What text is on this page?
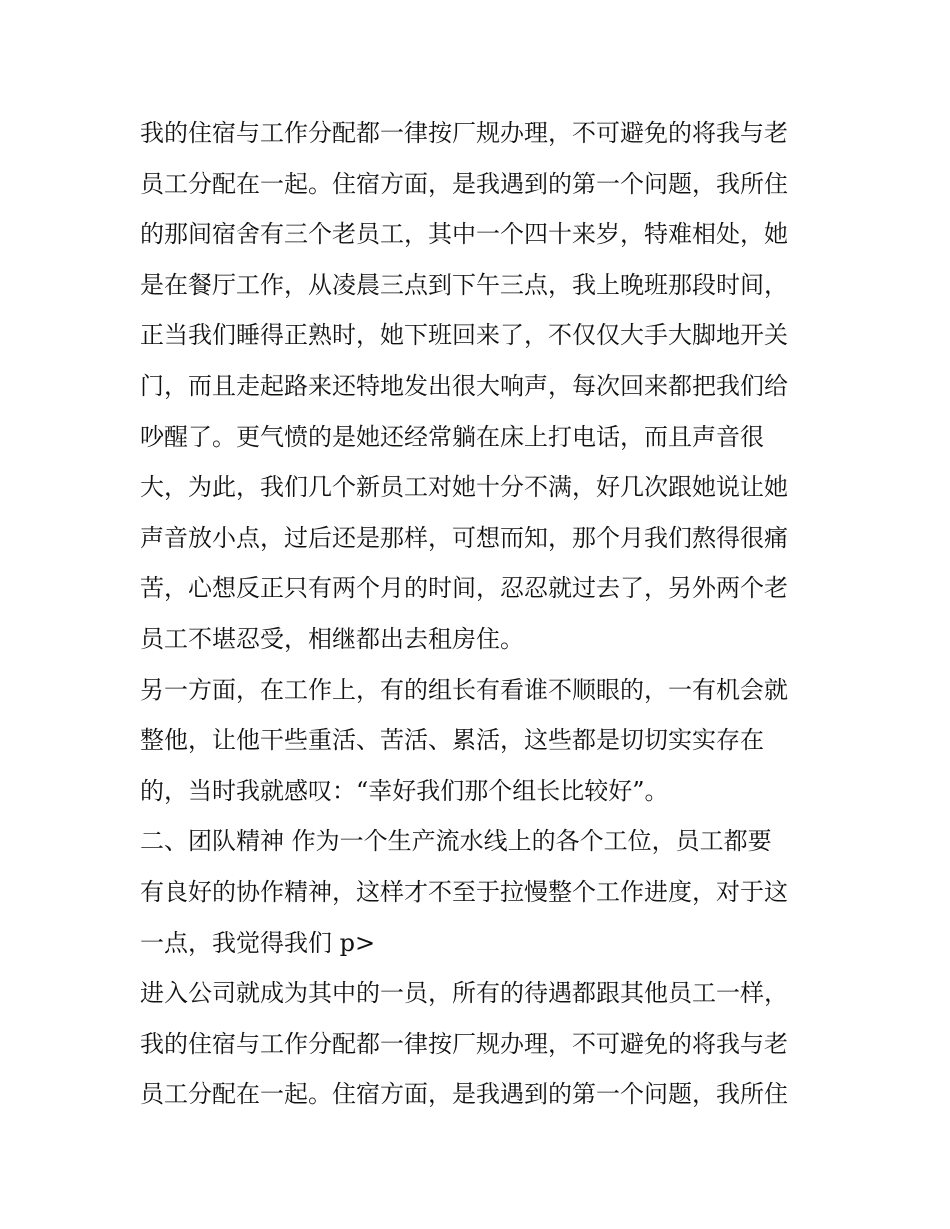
我的住宿与工作分配都一律按厂规办理，不可避免的将我与老
员工分配在一起。住宿方面，是我遇到的第一个问题，我所住
的那间宿舍有三个老员工，其中一个四十来岁，特难相处，她
是在餐厅工作，从凌晨三点到下午三点，我上晚班那段时间，
正当我们睡得正熟时，她下班回来了，不仅仅大手大脚地开关
门，而且走起路来还特地发出很大响声，每次回来都把我们给
吵醒了。更气愤的是她还经常躺在床上打电话，而且声音很
大，为此，我们几个新员工对她十分不满，好几次跟她说让她
声音放小点，过后还是那样，可想而知，那个月我们熬得很痛
苦，心想反正只有两个月的时间，忍忍就过去了，另外两个老
员工不堪忍受，相继都出去租房住。
另一方面，在工作上，有的组长有看谁不顺眼的，一有机会就
整他，让他干些重活、苦活、累活，这些都是切切实实存在
的，当时我就感叹：“幸好我们那个组长比较好”。
二、团队精神 作为一个生产流水线上的各个工位，员工都要
有良好的协作精神，这样才不至于拉慢整个工作进度，对于这
一点，我觉得我们 p>
进入公司就成为其中的一员，所有的待遇都跟其他员工一样，
我的住宿与工作分配都一律按厂规办理，不可避免的将我与老
员工分配在一起。住宿方面，是我遇到的第一个问题，我所住
